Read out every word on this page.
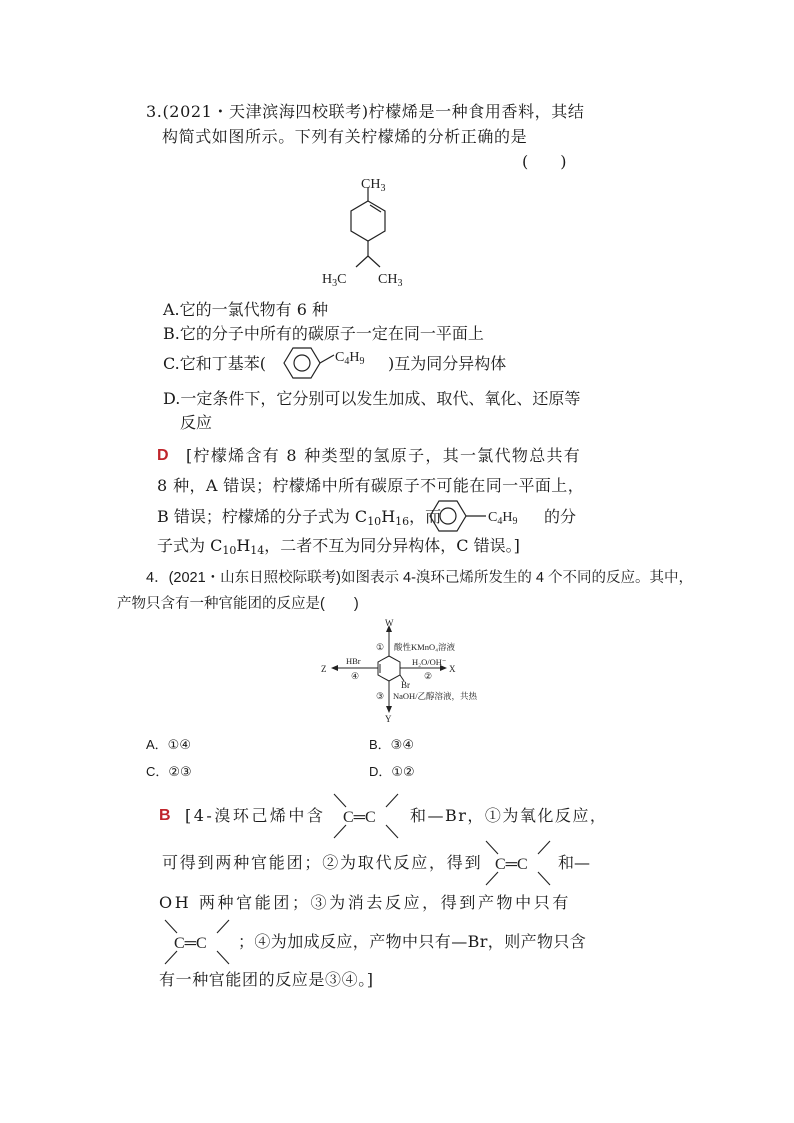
3.(2021・天津滨海四校联考)柠檬烯是一种食用香料，其结
构简式如图所示。下列有关柠檬烯的分析正确的是
(　　)
$CH_3$
$H_3C$ $CH_3$
A.它的一氯代物有 6 种
B.它的分子中所有的碳原子一定在同一平面上
C.它和丁基苯(	$C_4H_9$ )互为同分异构体
D.一定条件下，它分别可以发生加成、取代、氧化、还原等
反应
D [柠檬烯含有 8 种类型的氢原子，其一氯代物总共有
8 种，A 错误；柠檬烯中所有碳原子不可能在同一平面上，
B 错误；柠檬烯的分子式为 $C_{10}H_{16}$，而	$C_4H_9$ 的分
子式为 $C_{10}H_{14}$，二者不互为同分异构体，C 错误。]
4．(2021・山东日照校际联考)如图表示 4-溴环己烯所发生的 4 个不同的反应。其中，
产物只含有一种官能团的反应是(　　)
W
X
Y
Z
Br
① 酸性KMnO₄溶液
H₂O/OH⁻
②
③ NaOH/乙醇溶液，共热
HBr
④
A．①④	B．③④
C．②③	D．①②
B [4-溴环己烯中含 C═C 和—Br，①为氧化反应，
可得到两种官能团；②为取代反应，得到 C═C 和—
OH 两种官能团；③为消去反应，得到产物中只有
C═C ；④为加成反应，产物中只有—Br，则产物只含
有一种官能团的反应是③④。]
